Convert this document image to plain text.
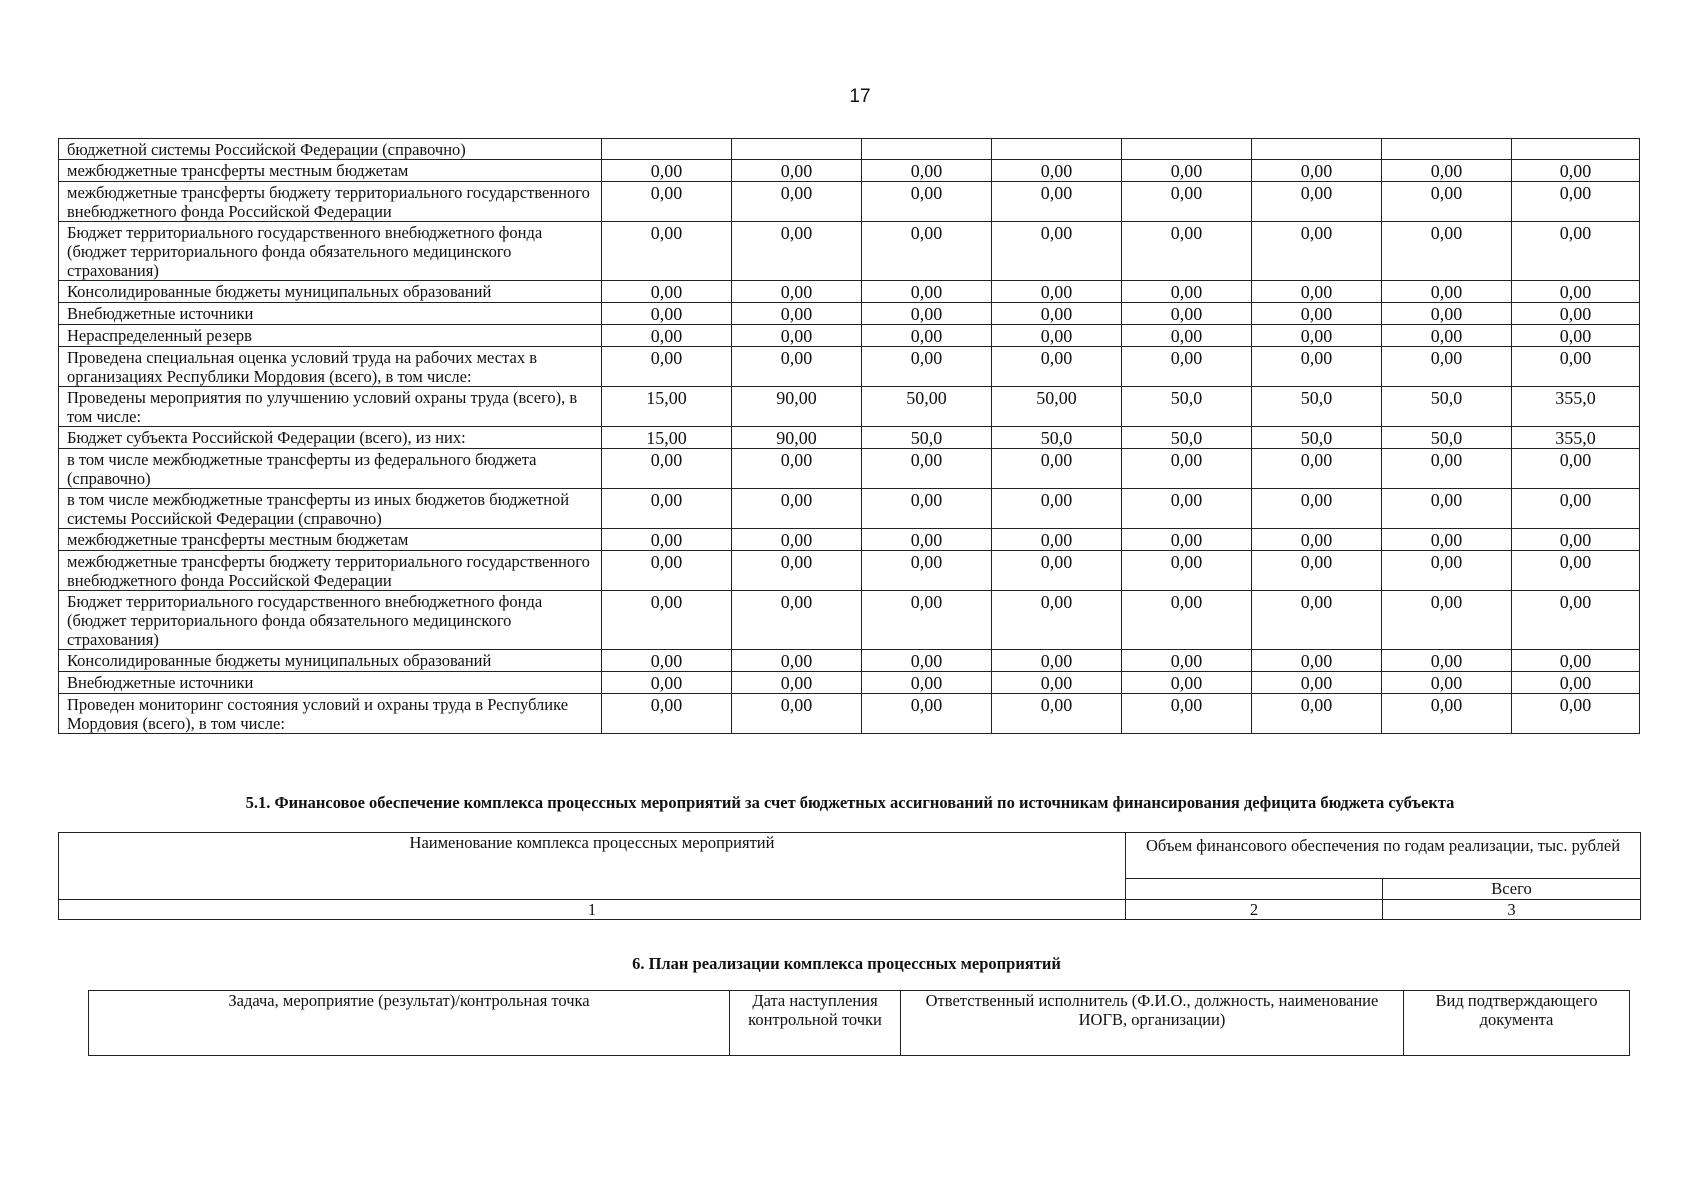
17
бюджетной системы Российской Федерации (справочно)								
межбюджетные трансферты местным бюджетам	0,00	0,00	0,00	0,00	0,00	0,00	0,00	0,00
межбюджетные трансферты бюджету территориального государственного внебюджетного фонда Российской Федерации	0,00	0,00	0,00	0,00	0,00	0,00	0,00	0,00
Бюджет территориального государственного внебюджетного фонда (бюджет территориального фонда обязательного медицинского страхования)	0,00	0,00	0,00	0,00	0,00	0,00	0,00	0,00
Консолидированные бюджеты муниципальных образований	0,00	0,00	0,00	0,00	0,00	0,00	0,00	0,00
Внебюджетные источники	0,00	0,00	0,00	0,00	0,00	0,00	0,00	0,00
Нераспределенный резерв	0,00	0,00	0,00	0,00	0,00	0,00	0,00	0,00
Проведена специальная оценка условий труда на рабочих местах в организациях Республики Мордовия (всего), в том числе:	0,00	0,00	0,00	0,00	0,00	0,00	0,00	0,00
Проведены мероприятия по улучшению условий охраны труда (всего), в том числе:	15,00	90,00	50,00	50,00	50,0	50,0	50,0	355,0
Бюджет субъекта Российской Федерации (всего), из них:	15,00	90,00	50,0	50,0	50,0	50,0	50,0	355,0
в том числе межбюджетные трансферты из федерального бюджета (справочно)	0,00	0,00	0,00	0,00	0,00	0,00	0,00	0,00
в том числе межбюджетные трансферты из иных бюджетов бюджетной системы Российской Федерации (справочно)	0,00	0,00	0,00	0,00	0,00	0,00	0,00	0,00
межбюджетные трансферты местным бюджетам	0,00	0,00	0,00	0,00	0,00	0,00	0,00	0,00
межбюджетные трансферты бюджету территориального государственного внебюджетного фонда Российской Федерации	0,00	0,00	0,00	0,00	0,00	0,00	0,00	0,00
Бюджет территориального государственного внебюджетного фонда (бюджет территориального фонда обязательного медицинского страхования)	0,00	0,00	0,00	0,00	0,00	0,00	0,00	0,00
Консолидированные бюджеты муниципальных образований	0,00	0,00	0,00	0,00	0,00	0,00	0,00	0,00
Внебюджетные источники	0,00	0,00	0,00	0,00	0,00	0,00	0,00	0,00
Проведен мониторинг состояния условий и охраны труда в Республике Мордовия (всего), в том числе:	0,00	0,00	0,00	0,00	0,00	0,00	0,00	0,00
5.1. Финансовое обеспечение комплекса процессных мероприятий за счет бюджетных ассигнований по источникам финансирования дефицита бюджета субъекта
Наименование комплекса процессных мероприятий	Объем финансового обеспечения по годам реализации, тыс. рублей	
		Всего
1	2	3
6. План реализации комплекса процессных мероприятий
Задача, мероприятие (результат)/контрольная точка	Дата наступления контрольной точки	Ответственный исполнитель (Ф.И.О., должность, наименование ИОГВ, организации)	Вид подтверждающего документа
